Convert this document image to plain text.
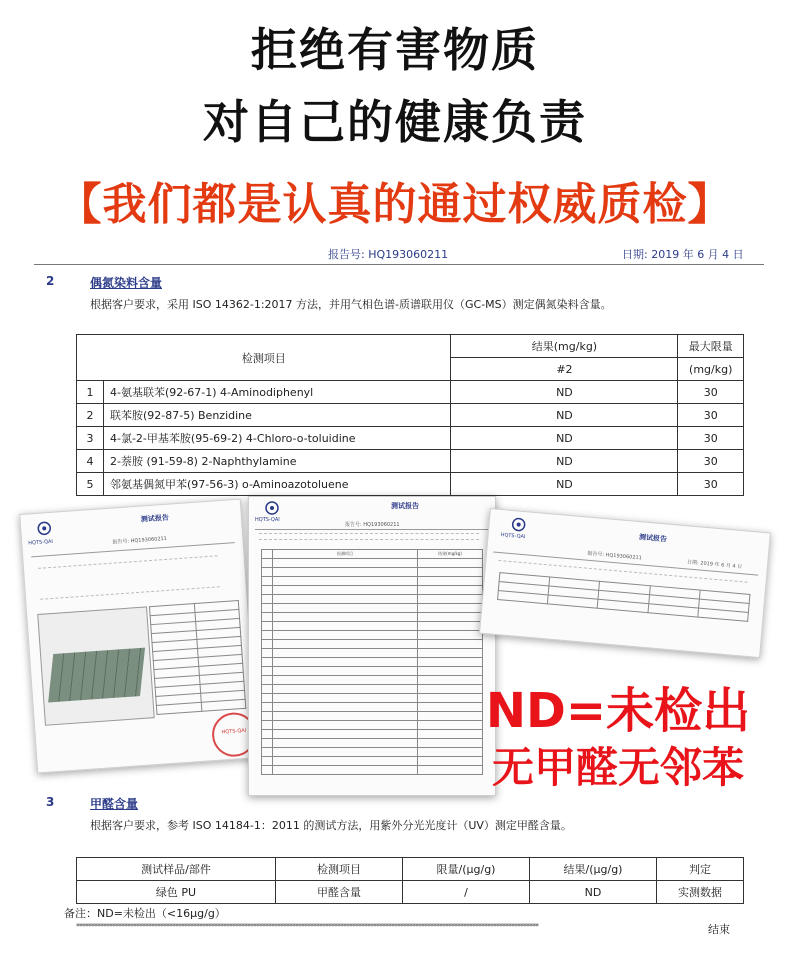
拒绝有害物质
对自己的健康负责
【我们都是认真的通过权威质检】
报告号: HQ193060211	日期: 2019 年 6 月 4 日
2	偶氮染料含量
根据客户要求，采用 ISO 14362-1:2017 方法，并用气相色谱-质谱联用仪（GC-MS）测定偶氮染料含量。
检测项目		结果(mg/kg)	最大限量
		#2	(mg/kg)
1	4-氨基联苯(92-67-1) 4-Aminodiphenyl	ND	30
2	联苯胺(92-87-5) Benzidine	ND	30
3	4-氯-2-甲基苯胺(95-69-2) 4-Chloro-o-toluidine	ND	30
4	2-萘胺 (91-59-8) 2-Naphthylamine	ND	30
5	邻氨基偶氮甲苯(97-56-3) o-Aminoazotoluene	ND	30
HQTS-QAI
测试报告
报告号: HQ193060211

HQTS-QAI
HQTS-QAI
测试报告
报告号: HQ193060211
	检测项目	结果(mg/kg)

HQTS-QAI	测试报告
报告号: HQ193060211
日期: 2019 年 6 月 4 日

ND=未检出
无甲醛无邻苯
3	甲醛含量
根据客户要求，参考 ISO 14184-1：2011 的测试方法，用紫外分光光度计（UV）测定甲醛含量。
测试样品/部件	检测项目	限量/(μg/g)	结果/(μg/g)	判定
绿色 PU	甲醛含量	/	ND	实测数据
备注：ND=未检出（<16μg/g）
**********************************************************************************************************************************************************	结束
